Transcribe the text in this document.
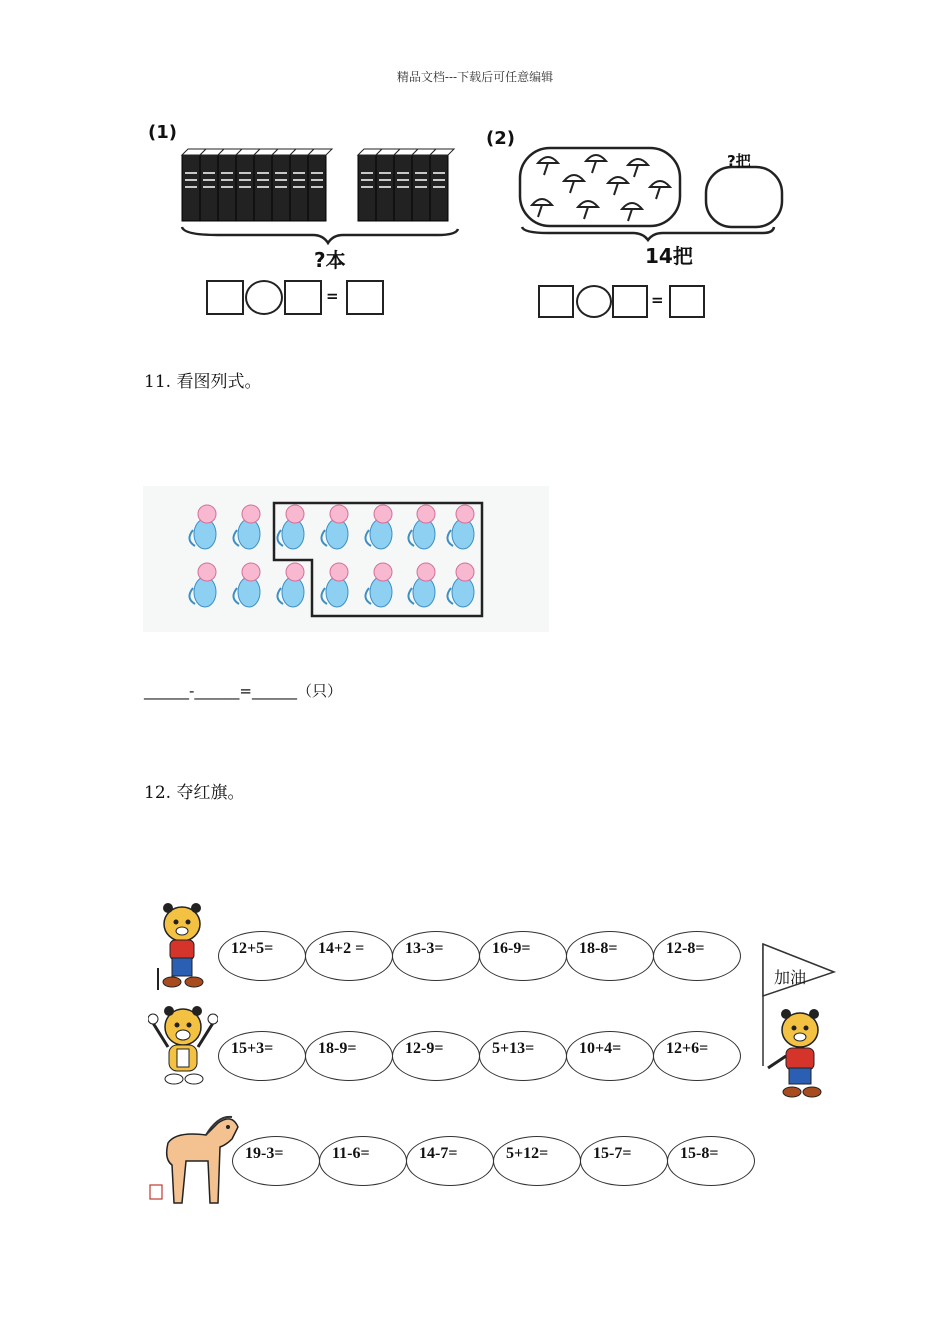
精品文档---下载后可任意编辑
(1)
?本
=
(2)
?把
14把
=
11. 看图列式。
______-______=______（只）
12. 夺红旗。
加油
12+5=	14+2 =	13-3=	16-9=	18-8=	12-8=
15+3=	18-9=	12-9=	5+13=	10+4=	12+6=
19-3=	11-6=	14-7=	5+12=	15-7=	15-8=
